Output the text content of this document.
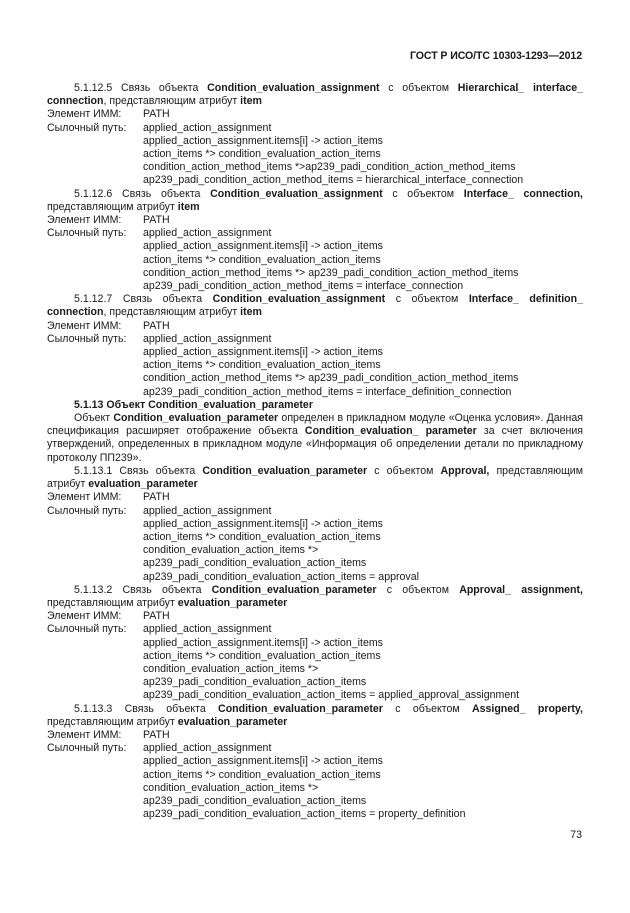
ГОСТ Р ИСО/ТС 10303-1293—2012

5.1.12.5 Связь объекта Condition_evaluation_assignment с объектом Hierarchical_ interface_ connection, представляющим атрибут item

Элемент ИММ:	PATH
Сылочный путь:	applied_action_assignment
applied_action_assignment.items[i] -> action_items
action_items *> condition_evaluation_action_items
condition_action_method_items *>ap239_padi_condition_action_method_items
ap239_padi_condition_action_method_items = hierarchical_interface_connection

5.1.12.6 Связь объекта Condition_evaluation_assignment с объектом Interface_ connection, представляющим атрибут item

Элемент ИММ:	PATH
Сылочный путь:	applied_action_assignment
applied_action_assignment.items[i] -> action_items
action_items *> condition_evaluation_action_items
condition_action_method_items *> ap239_padi_condition_action_method_items
ap239_padi_condition_action_method_items = interface_connection

5.1.12.7 Связь объекта Condition_evaluation_assignment с объектом Interface_ definition_ connection, представляющим атрибут item

Элемент ИММ:	PATH
Сылочный путь:	applied_action_assignment
applied_action_assignment.items[i] -> action_items
action_items *> condition_evaluation_action_items
condition_action_method_items *> ap239_padi_condition_action_method_items
ap239_padi_condition_action_method_items = interface_definition_connection
5.1.13 Объект Condition_evaluation_parameter

Объект Condition_evaluation_parameter определен в прикладном модуле «Оценка условия». Данная спецификация расширяет отображение объекта Condition_evaluation_ parameter за счет включения утверждений, определенных в прикладном модуле «Информация об определении детали по прикладному протоколу ПП239».

5.1.13.1 Связь объекта Condition_evaluation_parameter с объектом Approval, представляющим атрибут evaluation_parameter

Элемент ИММ:	PATH
Сылочный путь:	applied_action_assignment
applied_action_assignment.items[i] -> action_items
action_items *> condition_evaluation_action_items
condition_evaluation_action_items *>
ap239_padi_condition_evaluation_action_items
ap239_padi_condition_evaluation_action_items = approval

5.1.13.2 Связь объекта Condition_evaluation_parameter с объектом Approval_ assignment, представляющим атрибут evaluation_parameter

Элемент ИММ:	PATH
Сылочный путь:	applied_action_assignment
applied_action_assignment.items[i] -> action_items
action_items *> condition_evaluation_action_items
condition_evaluation_action_items *>
ap239_padi_condition_evaluation_action_items
ap239_padi_condition_evaluation_action_items = applied_approval_assignment

5.1.13.3 Связь объекта Condition_evaluation_parameter с объектом Assigned_ property, представляющим атрибут evaluation_parameter

Элемент ИММ:	PATH
Сылочный путь:	applied_action_assignment
applied_action_assignment.items[i] -> action_items
action_items *> condition_evaluation_action_items
condition_evaluation_action_items *>
ap239_padi_condition_evaluation_action_items
ap239_padi_condition_evaluation_action_items = property_definition
73
